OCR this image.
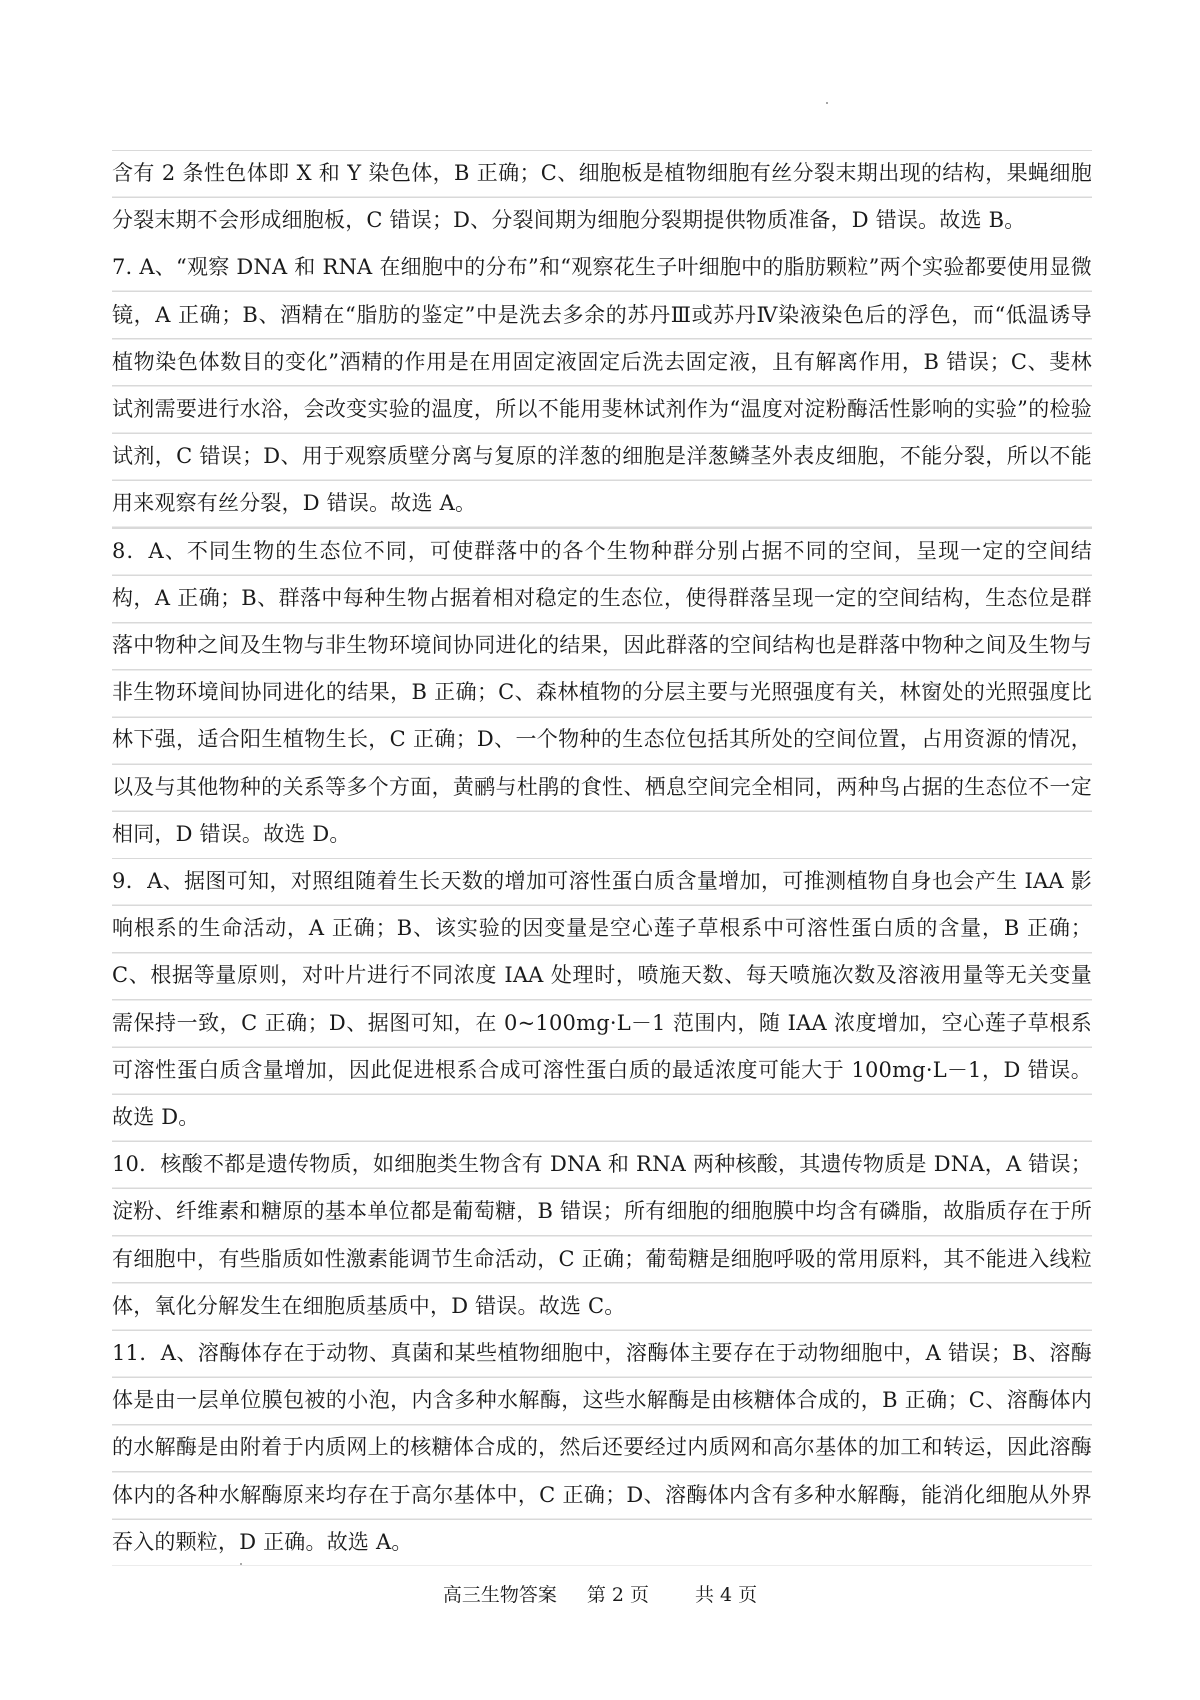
含有 2 条性色体即 X 和 Y 染色体，B 正确；C、细胞板是植物细胞有丝分裂末期出现的结构，果蝇细胞分裂末期不会形成细胞板，C 错误；D、分裂间期为细胞分裂期提供物质准备，D 错误。故选 B。

7. A、“观察 DNA 和 RNA 在细胞中的分布”和“观察花生子叶细胞中的脂肪颗粒”两个实验都要使用显微镜，A 正确；B、酒精在“脂肪的鉴定”中是洗去多余的苏丹Ⅲ或苏丹Ⅳ染液染色后的浮色，而“低温诱导植物染色体数目的变化”酒精的作用是在用固定液固定后洗去固定液，且有解离作用，B 错误；C、斐林试剂需要进行水浴，会改变实验的温度，所以不能用斐林试剂作为“温度对淀粉酶活性影响的实验”的检验试剂，C 错误；D、用于观察质壁分离与复原的洋葱的细胞是洋葱鳞茎外表皮细胞，不能分裂，所以不能用来观察有丝分裂，D 错误。故选 A。

8．A、不同生物的生态位不同，可使群落中的各个生物种群分别占据不同的空间，呈现一定的空间结构，A 正确；B、群落中每种生物占据着相对稳定的生态位，使得群落呈现一定的空间结构，生态位是群落中物种之间及生物与非生物环境间协同进化的结果，因此群落的空间结构也是群落中物种之间及生物与非生物环境间协同进化的结果，B 正确；C、森林植物的分层主要与光照强度有关，林窗处的光照强度比林下强，适合阳生植物生长，C 正确；D、一个物种的生态位包括其所处的空间位置，占用资源的情况，以及与其他物种的关系等多个方面，黄鹂与杜鹃的食性、栖息空间完全相同，两种鸟占据的生态位不一定相同，D 错误。故选 D。

9．A、据图可知，对照组随着生长天数的增加可溶性蛋白质含量增加，可推测植物自身也会产生 IAA 影响根系的生命活动，A 正确；B、该实验的因变量是空心莲子草根系中可溶性蛋白质的含量，B 正确；C、根据等量原则，对叶片进行不同浓度 IAA 处理时，喷施天数、每天喷施次数及溶液用量等无关变量需保持一致，C 正确；D、据图可知，在 0~100mg·L－1 范围内，随 IAA 浓度增加，空心莲子草根系可溶性蛋白质含量增加，因此促进根系合成可溶性蛋白质的最适浓度可能大于 100mg·L－1，D 错误。故选 D。

10．核酸不都是遗传物质，如细胞类生物含有 DNA 和 RNA 两种核酸，其遗传物质是 DNA，A 错误；淀粉、纤维素和糖原的基本单位都是葡萄糖，B 错误；所有细胞的细胞膜中均含有磷脂，故脂质存在于所有细胞中，有些脂质如性激素能调节生命活动，C 正确；葡萄糖是细胞呼吸的常用原料，其不能进入线粒体，氧化分解发生在细胞质基质中，D 错误。故选 C。

11．A、溶酶体存在于动物、真菌和某些植物细胞中，溶酶体主要存在于动物细胞中，A 错误；B、溶酶体是由一层单位膜包被的小泡，内含多种水解酶，这些水解酶是由核糖体合成的，B 正确；C、溶酶体内的水解酶是由附着于内质网上的核糖体合成的，然后还要经过内质网和高尔基体的加工和转运，因此溶酶体内的各种水解酶原来均存在于高尔基体中，C 正确；D、溶酶体内含有多种水解酶，能消化细胞从外界吞入的颗粒，D 正确。故选 A。

高三生物答案 第 2 页 共 4 页
